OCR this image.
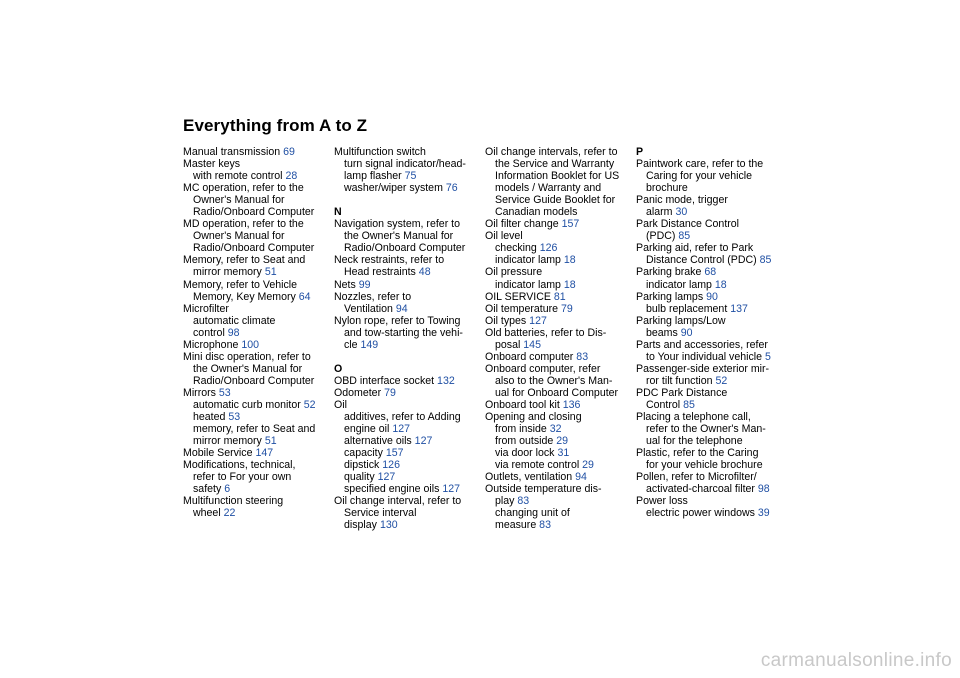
Everything from A to Z
Manual transmission 69
Master keys
with remote control 28
MC operation, refer to the
Owner's Manual for
Radio/Onboard Computer
MD operation, refer to the
Owner's Manual for
Radio/Onboard Computer
Memory, refer to Seat and
mirror memory 51
Memory, refer to Vehicle
Memory, Key Memory 64
Microfilter
automatic climate
control 98
Microphone 100
Mini disc operation, refer to
the Owner's Manual for
Radio/Onboard Computer
Mirrors 53
automatic curb monitor 52
heated 53
memory, refer to Seat and
mirror memory 51
Mobile Service 147
Modifications, technical,
refer to For your own
safety 6
Multifunction steering
wheel 22
Multifunction switch
turn signal indicator/head-
lamp flasher 75
washer/wiper system 76
N
Navigation system, refer to
the Owner's Manual for
Radio/Onboard Computer
Neck restraints, refer to
Head restraints 48
Nets 99
Nozzles, refer to
Ventilation 94
Nylon rope, refer to Towing
and tow-starting the vehi-
cle 149
O
OBD interface socket 132
Odometer 79
Oil
additives, refer to Adding
engine oil 127
alternative oils 127
capacity 157
dipstick 126
quality 127
specified engine oils 127
Oil change interval, refer to
Service interval
display 130
Oil change intervals, refer to
the Service and Warranty
Information Booklet for US
models / Warranty and
Service Guide Booklet for
Canadian models
Oil filter change 157
Oil level
checking 126
indicator lamp 18
Oil pressure
indicator lamp 18
OIL SERVICE 81
Oil temperature 79
Oil types 127
Old batteries, refer to Dis-
posal 145
Onboard computer 83
Onboard computer, refer
also to the Owner's Man-
ual for Onboard Computer
Onboard tool kit 136
Opening and closing
from inside 32
from outside 29
via door lock 31
via remote control 29
Outlets, ventilation 94
Outside temperature dis-
play 83
changing unit of
measure 83
P
Paintwork care, refer to the
Caring for your vehicle
brochure
Panic mode, trigger
alarm 30
Park Distance Control
(PDC) 85
Parking aid, refer to Park
Distance Control (PDC) 85
Parking brake 68
indicator lamp 18
Parking lamps 90
bulb replacement 137
Parking lamps/Low
beams 90
Parts and accessories, refer
to Your individual vehicle 5
Passenger-side exterior mir-
ror tilt function 52
PDC Park Distance
Control 85
Placing a telephone call,
refer to the Owner's Man-
ual for the telephone
Plastic, refer to the Caring
for your vehicle brochure
Pollen, refer to Microfilter/
activated-charcoal filter 98
Power loss
electric power windows 39
carmanualsonline.info
